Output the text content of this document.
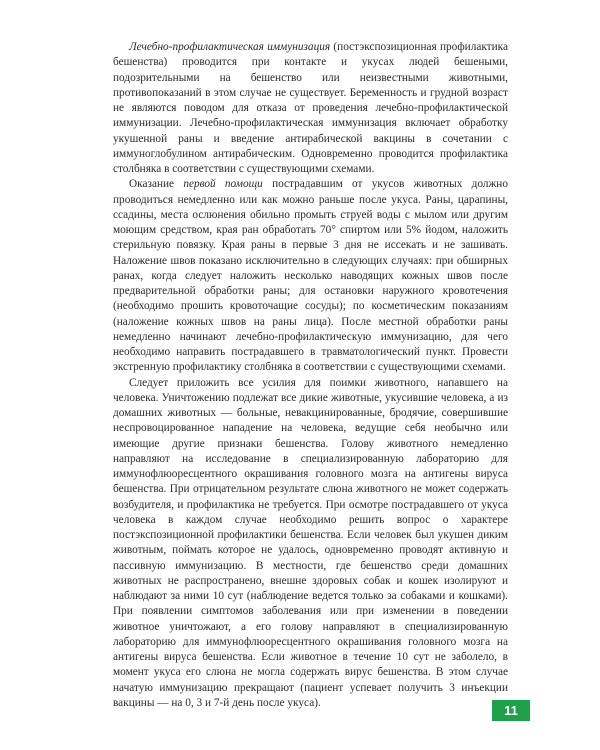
Лечебно-профилактическая иммунизация (постэкспозиционная профилактика бешенства) проводится при контакте и укусах людей бешеными, подозрительными на бешенство или неизвестными животными, противопоказаний в этом случае не существует. Беременность и грудной возраст не являются поводом для отказа от проведения лечебно-профилактической иммунизации. Лечебно-профилактическая иммунизация включает обработку укушенной раны и введение антирабической вакцины в сочетании с иммуноглобулином антирабическим. Одновременно проводится профилактика столбняка в соответствии с существующими схемами.

Оказание первой помощи пострадавшим от укусов животных должно проводиться немедленно или как можно раньше после укуса. Раны, царапины, ссадины, места ослюнения обильно промыть струей воды с мылом или другим моющим средством, края ран обработать 70° спиртом или 5% йодом, наложить стерильную повязку. Края раны в первые 3 дня не иссекать и не зашивать. Наложение швов показано исключительно в следующих случаях: при обширных ранах, когда следует наложить несколько наводящих кожных швов после предварительной обработки раны; для остановки наружного кровотечения (необходимо прошить кровоточащие сосуды); по косметическим показаниям (наложение кожных швов на раны лица). После местной обработки раны немедленно начинают лечебно-профилактическую иммунизацию, для чего необходимо направить пострадавшего в травматологический пункт. Провести экстренную профилактику столбняка в соответствии с существующими схемами.

Следует приложить все усилия для поимки животного, напавшего на человека. Уничтожению подлежат все дикие животные, укусившие человека, а из домашних животных — больные, невакцинированные, бродячие, совершившие неспровоцированное нападение на человека, ведущие себя необычно или имеющие другие признаки бешенства. Голову животного немедленно направляют на исследование в специализированную лабораторию для иммунофлюоресцентного окрашивания головного мозга на антигены вируса бешенства. При отрицательном результате слюна животного не может содержать возбудителя, и профилактика не требуется. При осмотре пострадавшего от укуса человека в каждом случае необходимо решить вопрос о характере постэкспозиционной профилактики бешенства. Если человек был укушен диким животным, поймать которое не удалось, одновременно проводят активную и пассивную иммунизацию. В местности, где бешенство среди домашних животных не распространено, внешне здоровых собак и кошек изолируют и наблюдают за ними 10 сут (наблюдение ведется только за собаками и кошками). При появлении симптомов заболевания или при изменении в поведении животное уничтожают, а его голову направляют в специализированную лабораторию для иммунофлюоресцентного окрашивания головного мозга на антигены вируса бешенства. Если животное в течение 10 сут не заболело, в момент укуса его слюна не могла содержать вирус бешенства. В этом случае начатую иммунизацию прекращают (пациент успевает получить 3 инъекции вакцины — на 0, 3 и 7-й день после укуса).

11
